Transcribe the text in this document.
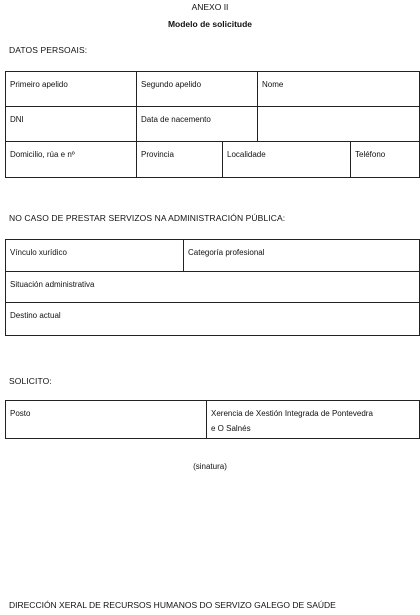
ANEXO II
Modelo de solicitude
DATOS PERSOAIS:
Primeiro apelido	Segundo apelido		Nome	
DNI	Data de nacemento			
Domicilio, rúa e nº	Provincia	Localidade		Teléfono
NO CASO DE PRESTAR SERVIZOS NA ADMINISTRACIÓN PÚBLICA:
Vínculo xurídico	Categoría profesional
Situación administrativa
Destino actual
SOLICITO:
Posto	Xerencia de Xestión Integrada de Pontevedra
e O Salnés
(sinatura)
DIRECCIÓN XERAL DE RECURSOS HUMANOS DO SERVIZO GALEGO DE SAÚDE
